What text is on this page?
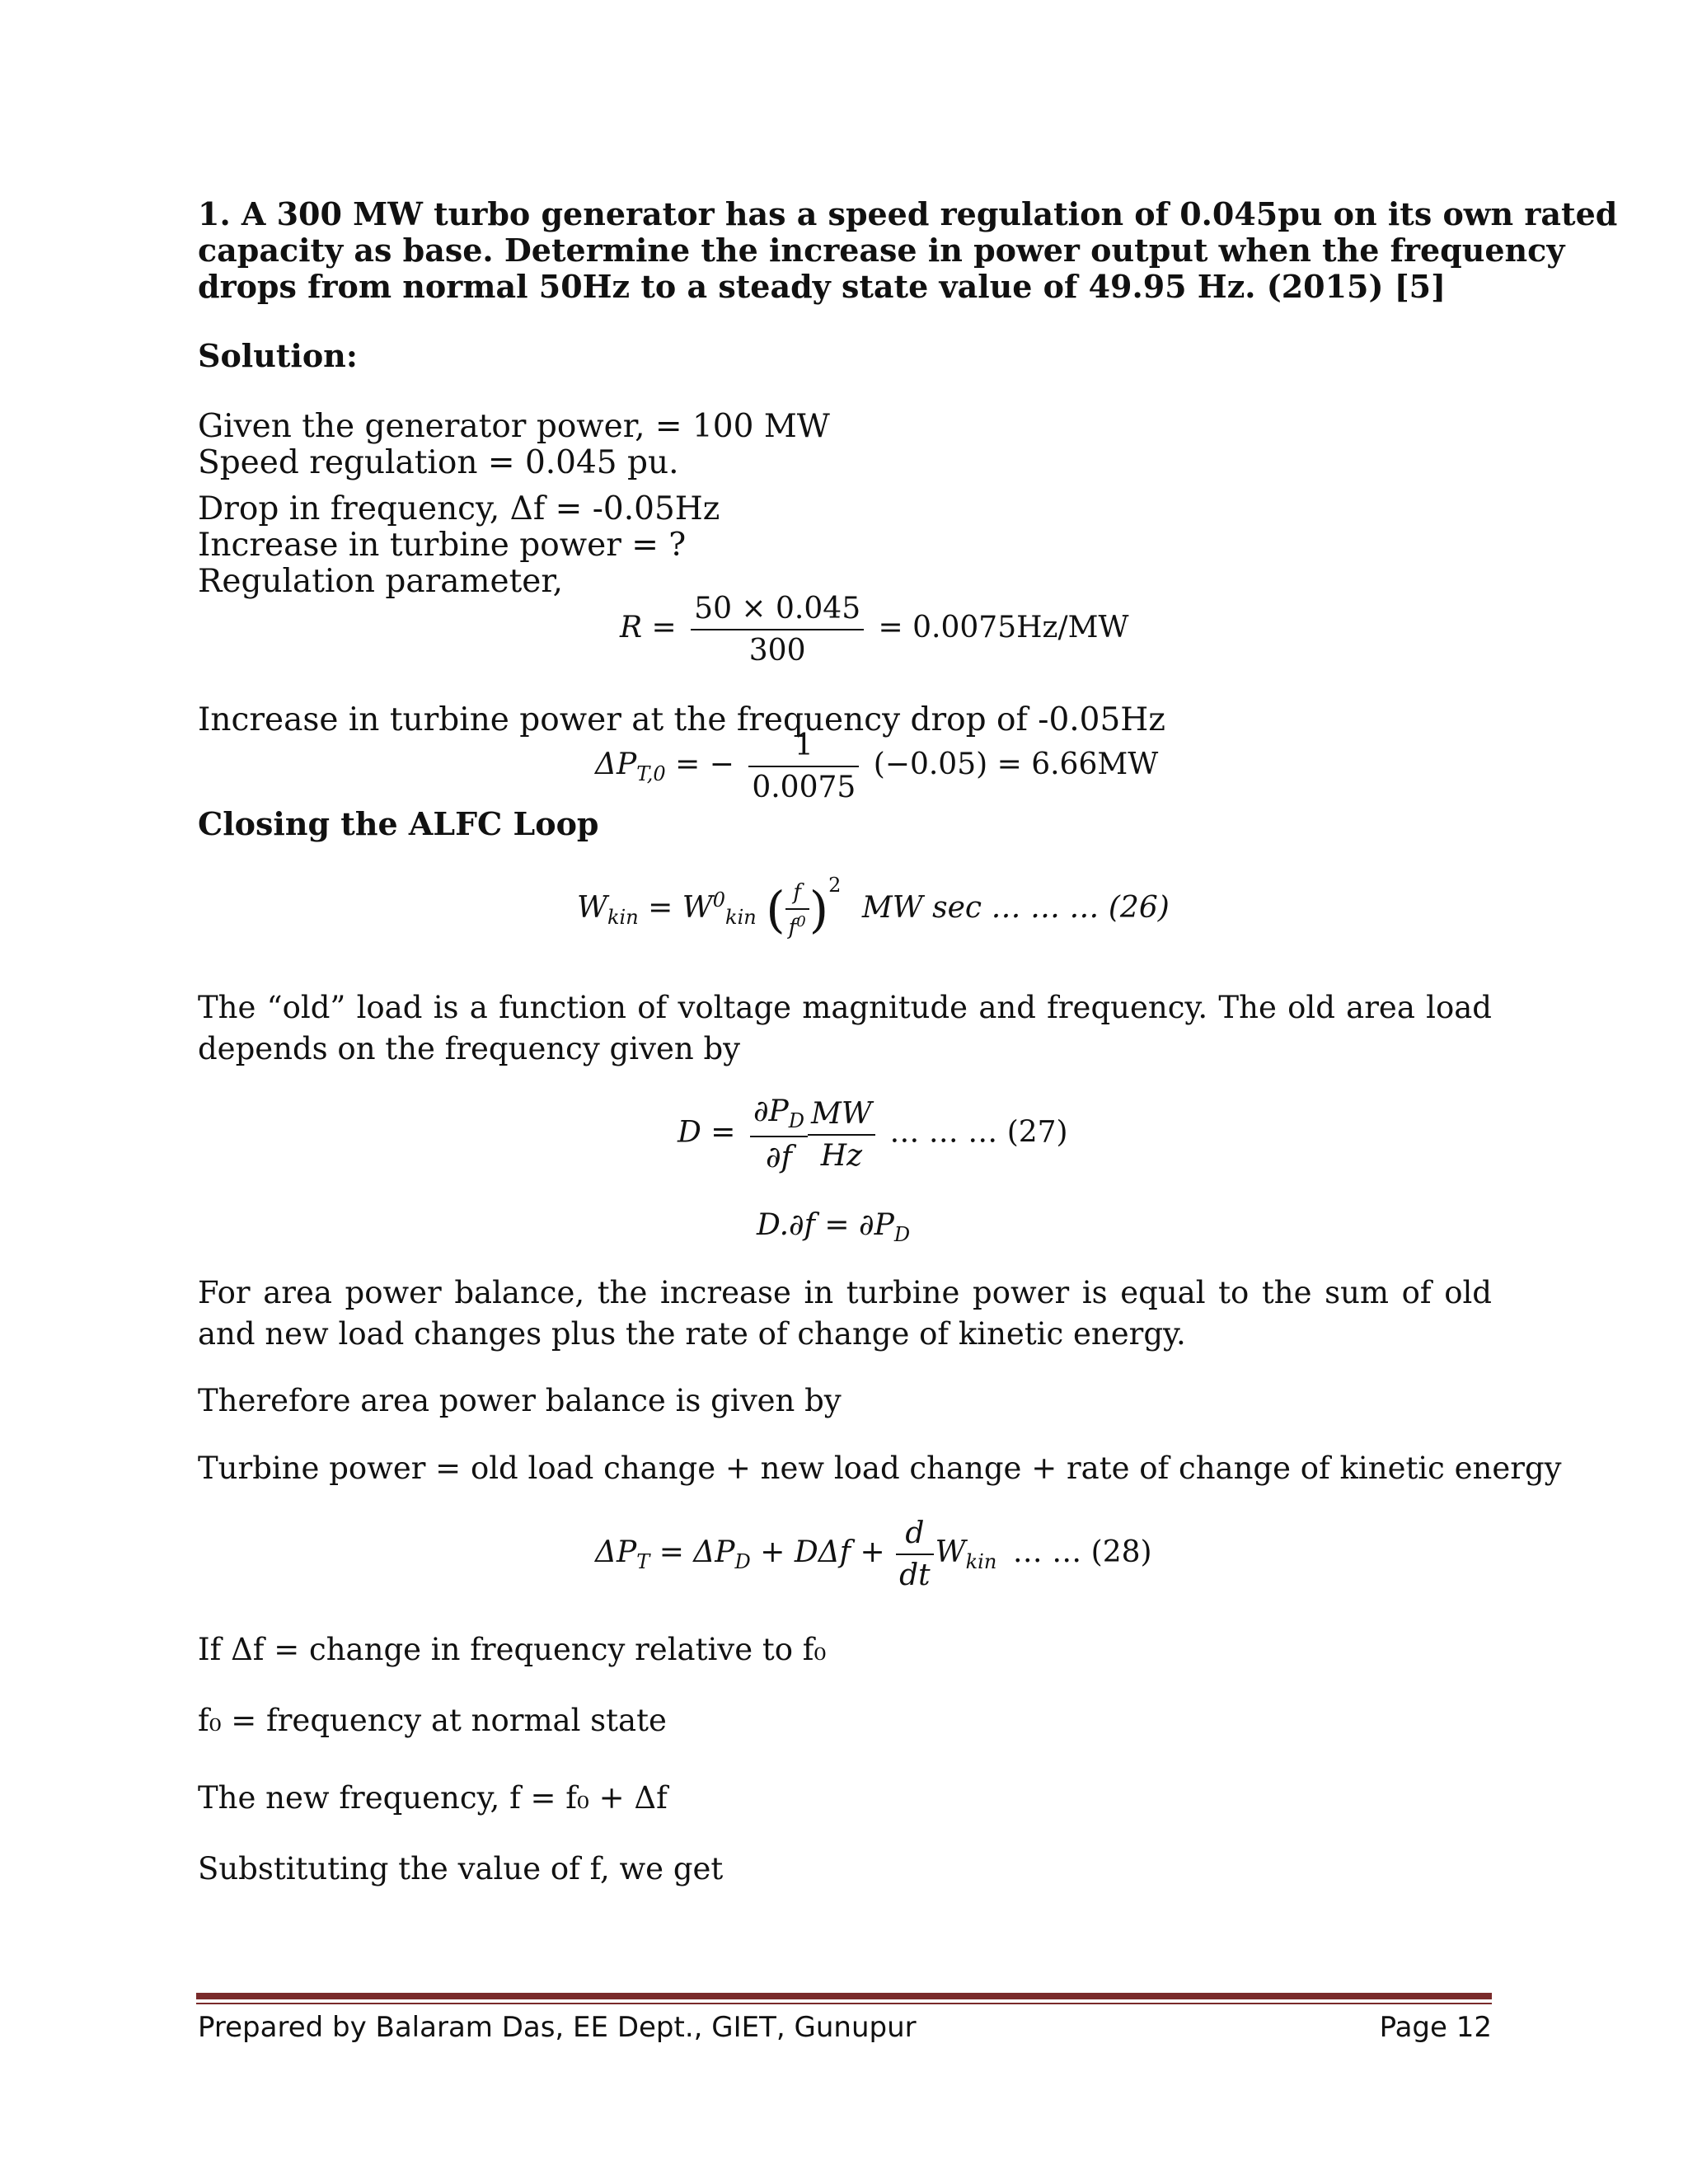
1. A 300 MW turbo generator has a speed regulation of 0.045pu on its own rated
capacity as base. Determine the increase in power output when the frequency
drops from normal 50Hz to a steady state value of 49.95 Hz. (2015) [5]
Solution:
Given the generator power, = 100 MW
Speed regulation = 0.045 pu.
Drop in frequency, Δf = -0.05Hz
Increase in turbine power = ?
Regulation parameter,
$R = \frac{50 \times 0.045}{300} = 0.0075Hz/MW$
Increase in turbine power at the frequency drop of -0.05Hz
$\Delta P_{T,0}$ = − $\frac{1}{0.0075} (-0.05) = 6.66MW$
Closing the ALFC Loop
$W_{kin} = W^0_{kin}$ ( $\frac{f}{f^0} )^2$ MW sec … … … (26)
The “old” load is a function of voltage magnitude and frequency. The old area load depends on the frequency given by
$D = \frac{\partial P_D}{\partial f} \frac{MW}{Hz}$ … … … (27)
$D.\partial f = \partial P_D$
For area power balance, the increase in turbine power is equal to the sum of old and new load changes plus the rate of change of kinetic energy.
Therefore area power balance is given by
Turbine power = old load change + new load change + rate of change of kinetic energy
$\Delta P_T = \Delta P_D + D\Delta f + \frac{d}{dt} W_{kin}$ … … (28)
If Δf = change in frequency relative to f₀
f₀ = frequency at normal state
The new frequency, f = f₀ + Δf
Substituting the value of f, we get
Prepared by Balaram Das, EE Dept., GIET, Gunupur	Page 12
